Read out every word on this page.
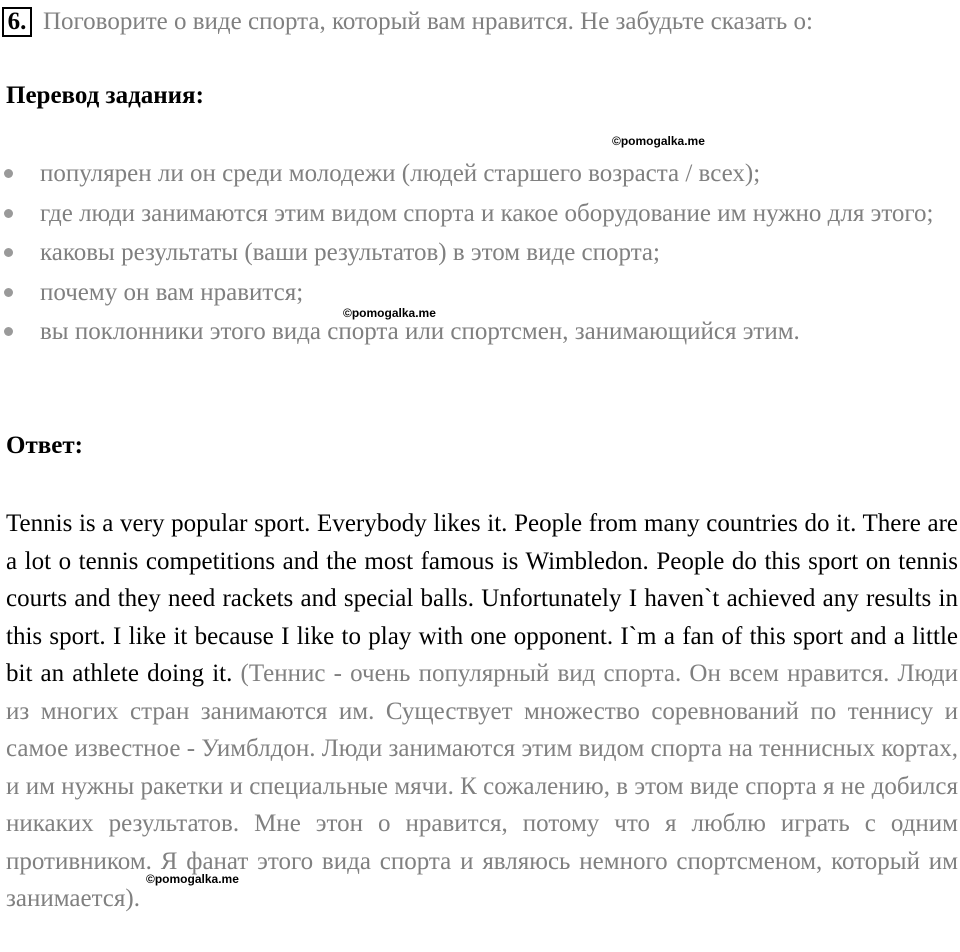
6. Поговорите о виде спорта, который вам нравится. Не забудьте сказать о:
Перевод задания:
©pomogalka.me
популярен ли он среди молодежи (людей старшего возраста / всех);
где люди занимаются этим видом спорта и какое оборудование им нужно для этого;
каковы результаты (ваши результатов) в этом виде спорта;
почему он вам нравится;
вы поклонники этого вида спорта или спортсмен, занимающийся этим.
©pomogalka.me
Ответ:

Tennis is a very popular sport. Everybody likes it. People from many countries do it. There are a lot o tennis competitions and the most famous is Wimbledon. People do this sport on tennis courts and they need rackets and special balls. Unfortunately I haven`t achieved any results in this sport. I like it because I like to play with one opponent. I`m a fan of this sport and a little bit an athlete doing it. (Теннис - очень популярный вид спорта. Он всем нравится. Люди из многих стран занимаются им. Существует множество соревнований по теннису и самое известное - Уимблдон. Люди занимаются этим видом спорта на теннисных кортах, и им нужны ракетки и специальные мячи. К сожалению, в этом виде спорта я не добился никаких результатов. Мне этон о нравится, потому что я люблю играть с одним противником. Я фанат этого вида спорта и являюсь немного спортсменом, который им занимается).

©pomogalka.me
